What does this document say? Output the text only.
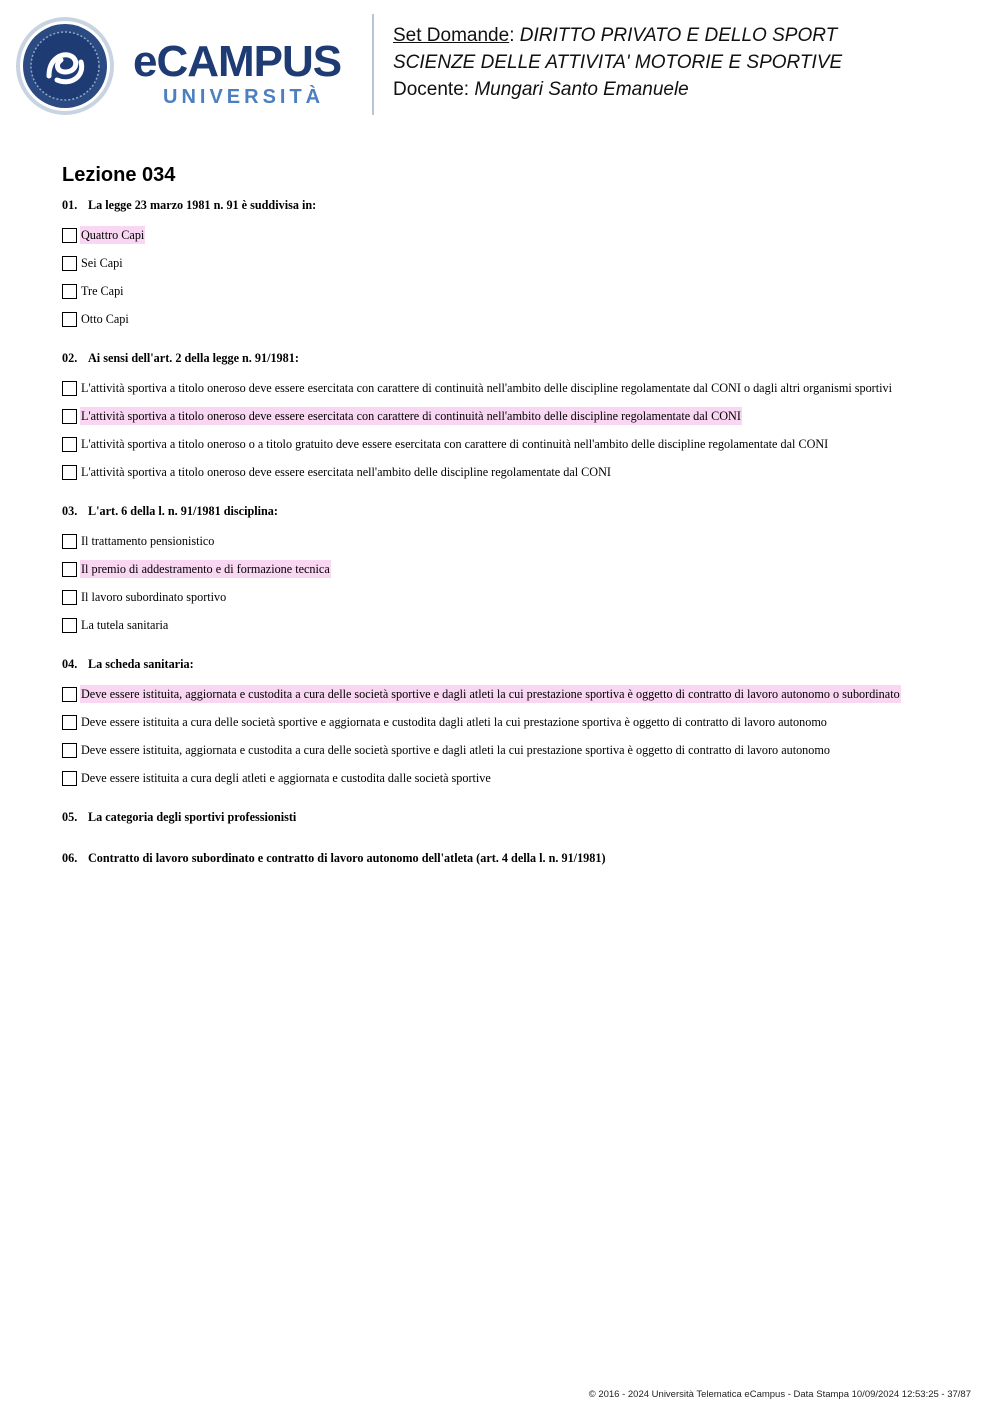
eCAMPUS
UNIVERSITÀ
Set Domande: DIRITTO PRIVATO E DELLO SPORT
SCIENZE DELLE ATTIVITA' MOTORIE E SPORTIVE
Docente: Mungari Santo Emanuele
Lezione 034
01. La legge 23 marzo 1981 n. 91 è suddivisa in:
Quattro Capi
Sei Capi
Tre Capi
Otto Capi
02. Ai sensi dell'art. 2 della legge n. 91/1981:
L'attività sportiva a titolo oneroso deve essere esercitata con carattere di continuità nell'ambito delle discipline regolamentate dal CONI o dagli altri organismi sportivi
L'attività sportiva a titolo oneroso deve essere esercitata con carattere di continuità nell'ambito delle discipline regolamentate dal CONI
L'attività sportiva a titolo oneroso o a titolo gratuito deve essere esercitata con carattere di continuità nell'ambito delle discipline regolamentate dal CONI
L'attività sportiva a titolo oneroso deve essere esercitata nell'ambito delle discipline regolamentate dal CONI
03. L'art. 6 della l. n. 91/1981 disciplina:
Il trattamento pensionistico
Il premio di addestramento e di formazione tecnica
Il lavoro subordinato sportivo
La tutela sanitaria
04. La scheda sanitaria:
Deve essere istituita, aggiornata e custodita a cura delle società sportive e dagli atleti la cui prestazione sportiva è oggetto di contratto di lavoro autonomo o subordinato
Deve essere istituita a cura delle società sportive e aggiornata e custodita dagli atleti la cui prestazione sportiva è oggetto di contratto di lavoro autonomo
Deve essere istituita, aggiornata e custodita a cura delle società sportive e dagli atleti la cui prestazione sportiva è oggetto di contratto di lavoro autonomo
Deve essere istituita a cura degli atleti e aggiornata e custodita dalle società sportive
05. La categoria degli sportivi professionisti
06. Contratto di lavoro subordinato e contratto di lavoro autonomo dell'atleta (art. 4 della l. n. 91/1981)
© 2016 - 2024 Università Telematica eCampus - Data Stampa 10/09/2024 12:53:25 - 37/87
